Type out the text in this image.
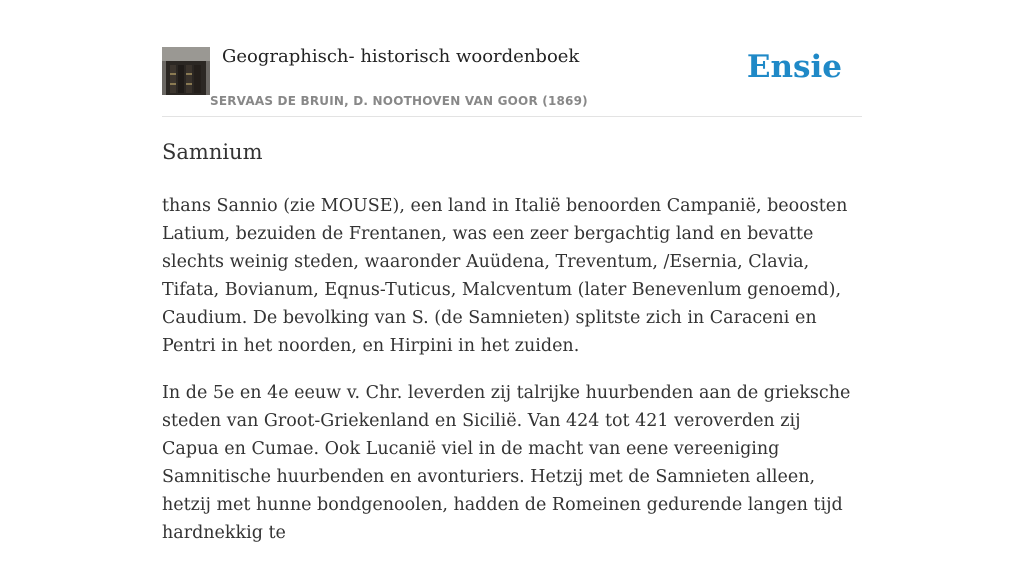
Geographisch- historisch woordenboek
SERVAAS DE BRUIN, D. NOOTHOVEN VAN GOOR (1869)
Ensie
Samnium

thans Sannio (zie MOUSE), een land in Italië benoorden Campanië, beoosten Latium, bezuiden de Frentanen, was een zeer bergachtig land en bevatte slechts weinig steden, waaronder Auüdena, Treventum, /Esernia, Clavia, Tifata, Bovianum, Eqnus-Tuticus, Malcventum (later Benevenlum genoemd), Caudium. De bevolking van S. (de Samnieten) splitste zich in Caraceni en Pentri in het noorden, en Hirpini in het zuiden.

In de 5e en 4e eeuw v. Chr. leverden zij talrijke huurbenden aan de grieksche steden van Groot-Griekenland en Sicilië. Van 424 tot 421 veroverden zij Capua en Cumae. Ook Lucanië viel in de macht van eene vereeniging Samnitische huurbenden en avonturiers. Hetzij met de Samnieten alleen, hetzij met hunne bondgenoolen, hadden de Romeinen gedurende langen tijd hardnekkig te
